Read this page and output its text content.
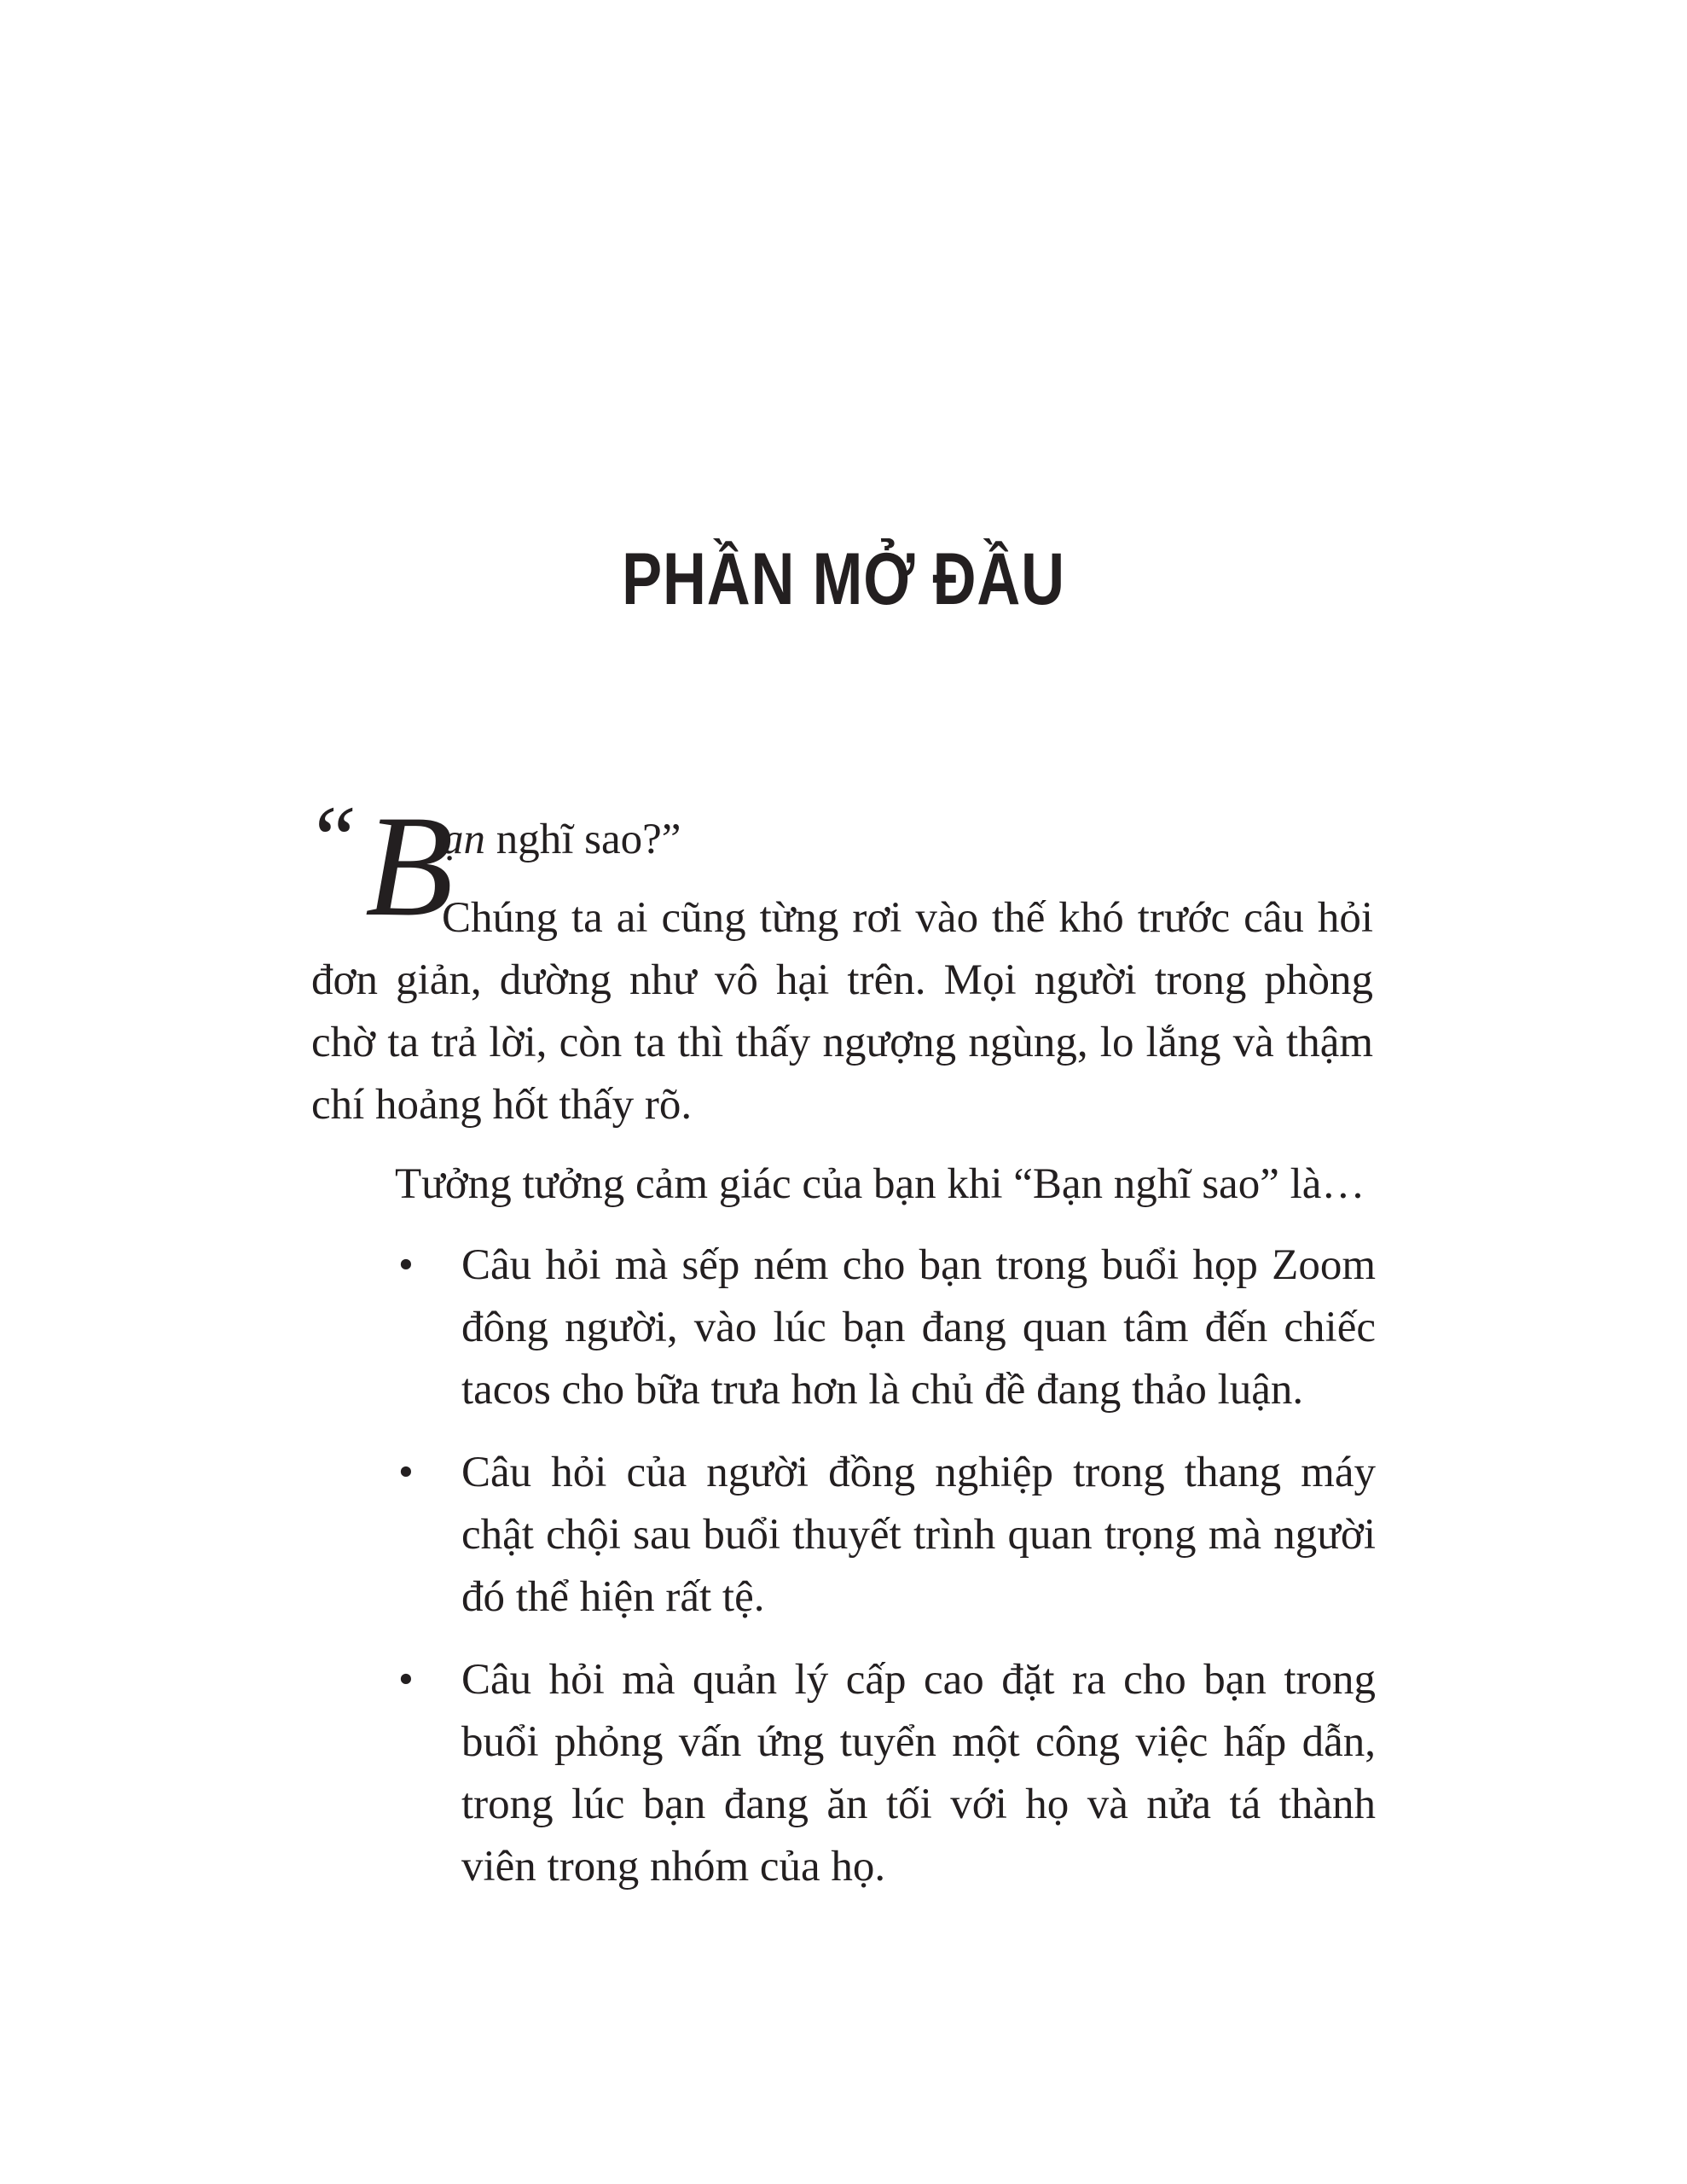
PHẦN MỞ ĐẦU
“ B
ạn nghĩ sao?”

Chúng ta ai cũng từng rơi vào thế khó trước câu hỏi đơn giản, dường như vô hại trên. Mọi người trong phòng chờ ta trả lời, còn ta thì thấy ngượng ngùng, lo lắng và thậm chí hoảng hốt thấy rõ.

Tưởng tưởng cảm giác của bạn khi “Bạn nghĩ sao” là…

• Câu hỏi mà sếp ném cho bạn trong buổi họp Zoom đông người, vào lúc bạn đang quan tâm đến chiếc tacos cho bữa trưa hơn là chủ đề đang thảo luận.
• Câu hỏi của người đồng nghiệp trong thang máy chật chội sau buổi thuyết trình quan trọng mà người đó thể hiện rất tệ.
• Câu hỏi mà quản lý cấp cao đặt ra cho bạn trong buổi phỏng vấn ứng tuyển một công việc hấp dẫn, trong lúc bạn đang ăn tối với họ và nửa tá thành viên trong nhóm của họ.
